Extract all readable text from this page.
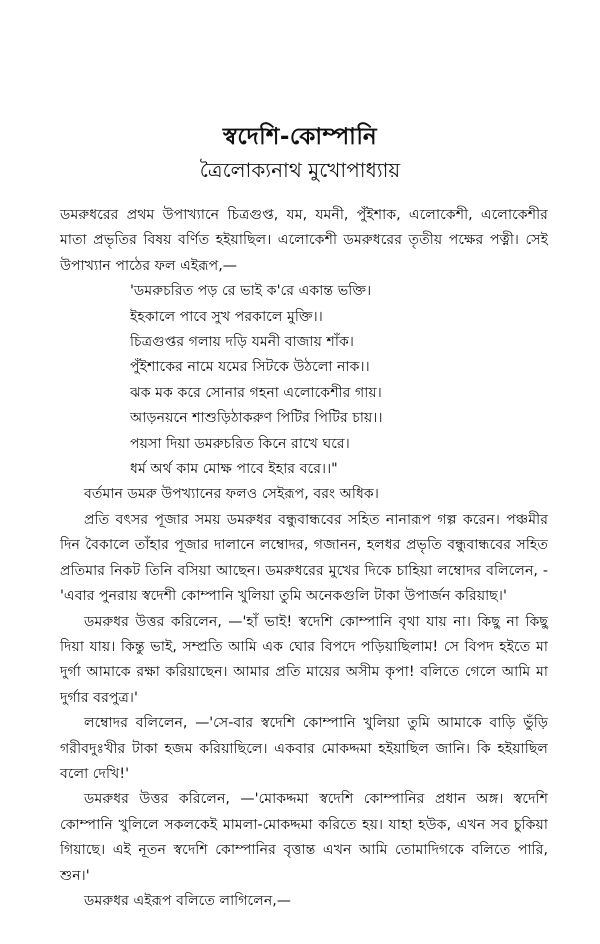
স্বদেশি-কোম্পানি
ত্রৈলোক্যনাথ মুখোপাধ্যায়

ডমরুধরের প্রথম উপাখ্যানে চিত্রগুপ্ত, যম, যমনী, পুঁইশাক, এলোকেশী, এলোকেশীর মাতা প্রভৃতির বিষয় বর্ণিত হইয়াছিল। এলোকেশী ডমরুধরের তৃতীয় পক্ষের পত্নী। সেই উপাখ্যান পাঠের ফল এইরূপ,—

'ডমরুচরিত পড় রে ভাই ক'রে একান্ত ভক্তি।
ইহকালে পাবে সুখ পরকালে মুক্তি।।
চিত্রগুপ্তর গলায় দড়ি যমনী বাজায় শাঁক।
পুঁইশাকের নামে যমের সিটকে উঠলো নাক।।
ঝক মক করে সোনার গহনা এলোকেশীর গায়।
আড়নয়নে শাশুড়িঠাকরুণ পিটির পিটির চায়।।
পয়সা দিয়া ডমরুচরিত কিনে রাখে ঘরে।
ধর্ম অর্থ কাম মোক্ষ পাবে ইহার বরে।।"

বর্তমান ডমরু উপখ্যানের ফলও সেইরূপ, বরং অধিক।

প্রতি বৎসর পূজার সময় ডমরুধর বন্ধুবান্ধবের সহিত নানারূপ গল্প করেন। পঞ্চমীর দিন বৈকালে তাঁহার পূজার দালানে লম্বোদর, গজানন, হলধর প্রভৃতি বন্ধুবান্ধবের সহিত প্রতিমার নিকট তিনি বসিয়া আছেন। ডমরুধরের মুখের দিকে চাহিয়া লম্বোদর বলিলেন, -'এবার পুনরায় স্বদেশী কোম্পানি খুলিয়া তুমি অনেকগুলি টাকা উপার্জন করিয়াছ।'

ডমরুধর উত্তর করিলেন, —'হাঁ ভাই! স্বদেশি কোম্পানি বৃথা যায় না। কিছু না কিছু দিয়া যায়। কিন্তু ভাই, সম্প্রতি আমি এক ঘোর বিপদে পড়িয়াছিলাম! সে বিপদ হইতে মা দুর্গা আমাকে রক্ষা করিয়াছেন। আমার প্রতি মায়ের অসীম কৃপা! বলিতে গেলে আমি মা দুর্গার বরপুত্র।'

লম্বোদর বলিলেন, —'সে-বার স্বদেশি কোম্পানি খুলিয়া তুমি আমাকে বাড়ি ভুঁড়ি গরীবদুঃখীর টাকা হজম করিয়াছিলে। একবার মোকদ্দমা হইয়াছিল জানি। কি হইয়াছিল বলো দেখি!'

ডমরুধর উত্তর করিলেন, —'মোকদ্দমা স্বদেশি কোম্পানির প্রধান অঙ্গ। স্বদেশি কোম্পানি খুলিলে সকলকেই মামলা-মোকদ্দমা করিতে হয়। যাহা হউক, এখন সব চুকিয়া গিয়াছে। এই নূতন স্বদেশি কোম্পানির বৃত্তান্ত এখন আমি তোমাদিগকে বলিতে পারি, শুন।'

ডমরুধর এইরূপ বলিতে লাগিলেন,—
